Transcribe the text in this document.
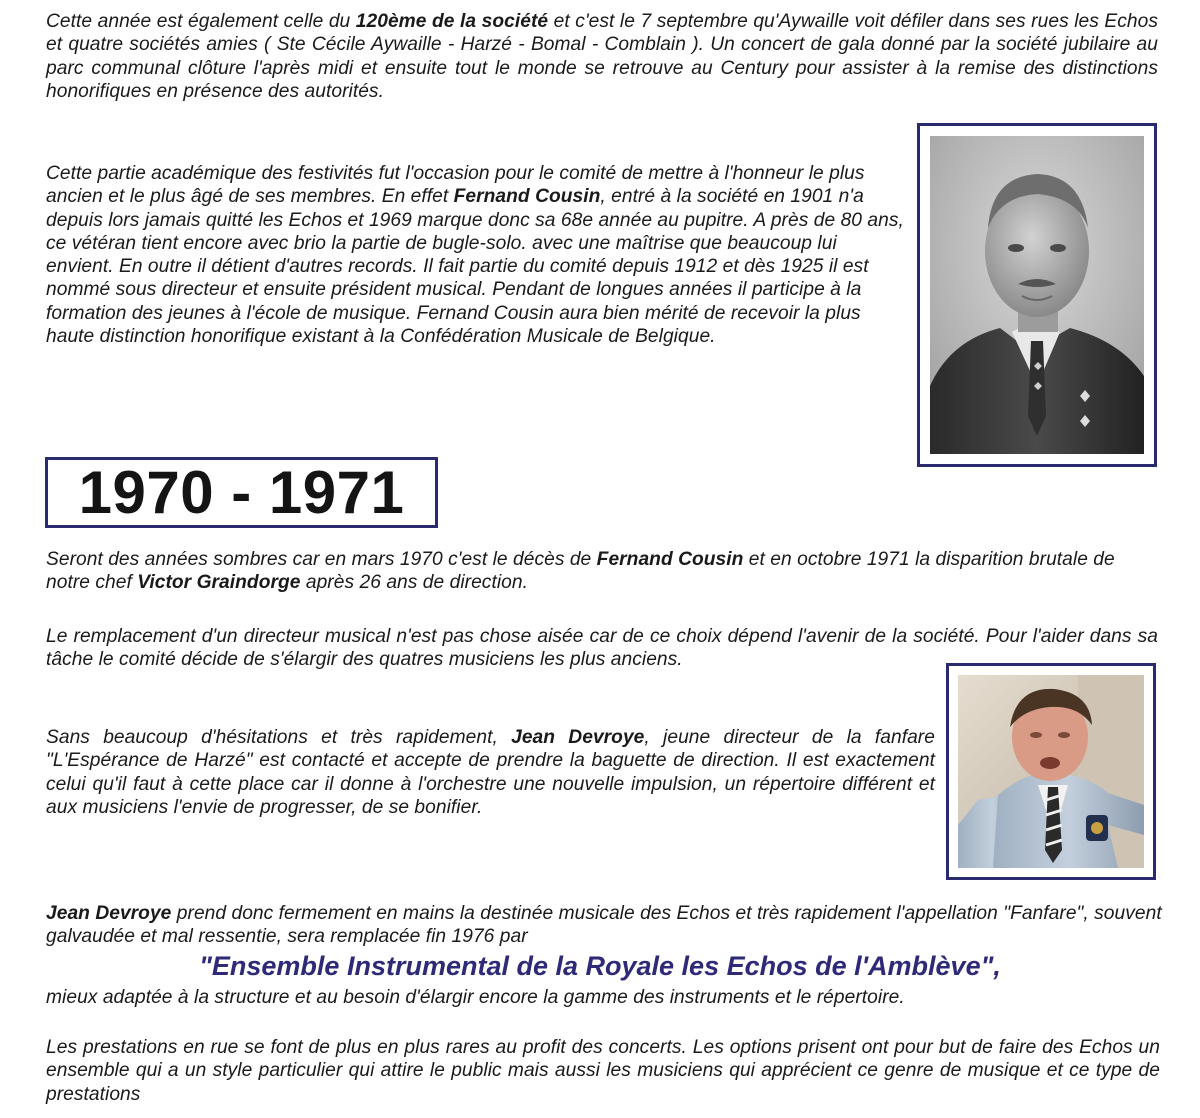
Cette année est également celle du 120ème de la société et c'est le 7 septembre qu'Aywaille voit défiler dans ses rues les Echos et quatre sociétés amies ( Ste Cécile Aywaille - Harzé - Bomal - Comblain ). Un concert de gala donné par la société jubilaire au parc communal clôture l'après midi et ensuite tout le monde se retrouve au Century pour assister à la remise des distinctions honorifiques en présence des autorités.

Cette partie académique des festivités fut l'occasion pour le comité de mettre à l'honneur le plus ancien et le plus âgé de ses membres. En effet Fernand Cousin, entré à la société en 1901 n'a depuis lors jamais quitté les Echos et 1969 marque donc sa 68e année au pupitre. A près de 80 ans, ce vétéran tient encore avec brio la partie de bugle-solo. avec une maîtrise que beaucoup lui envient. En outre il détient d'autres records. Il fait partie du comité depuis 1912 et dès 1925 il est nommé sous directeur et ensuite président musical. Pendant de longues années il participe à la formation des jeunes à l'école de musique. Fernand Cousin aura bien mérité de recevoir la plus haute distinction honorifique existant à la Confédération Musicale de Belgique.

1970 - 1971

Seront des années sombres car en mars 1970 c'est le décès de Fernand Cousin et en octobre 1971 la disparition brutale de notre chef Victor Graindorge après 26 ans de direction.

Le remplacement d'un directeur musical n'est pas chose aisée car de ce choix dépend l'avenir de la société. Pour l'aider dans sa tâche le comité décide de s'élargir des quatres musiciens les plus anciens.

Sans beaucoup d'hésitations et très rapidement, Jean Devroye, jeune directeur de la fanfare "L'Espérance de Harzé" est contacté et accepte de prendre la baguette de direction. Il est exactement celui qu'il faut à cette place car il donne à l'orchestre une nouvelle impulsion, un répertoire différent et aux musiciens l'envie de progresser, de se bonifier.

Jean Devroye prend donc fermement en mains la destinée musicale des Echos et très rapidement l'appellation "Fanfare", souvent galvaudée et mal ressentie, sera remplacée fin 1976 par

"Ensemble Instrumental de la Royale les Echos de l'Amblève",

mieux adaptée à la structure et au besoin d'élargir encore la gamme des instruments et le répertoire.

Les prestations en rue se font de plus en plus rares au profit des concerts. Les options prisent ont pour but de faire des Echos un ensemble qui a un style particulier qui attire le public mais aussi les musiciens qui apprécient ce genre de musique et ce type de prestations
